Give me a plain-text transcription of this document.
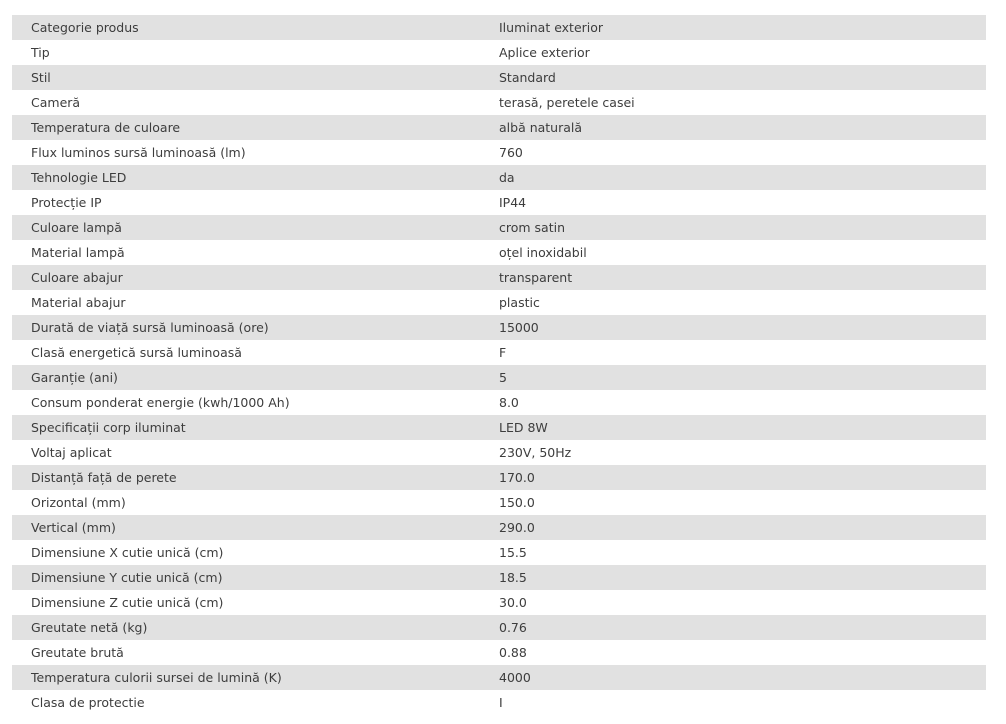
Categorie produs	Iluminat exterior
Tip	Aplice exterior
Stil	Standard
Cameră	terasă, peretele casei
Temperatura de culoare	albă naturală
Flux luminos sursă luminoasă (lm)	760
Tehnologie LED	da
Protecție IP	IP44
Culoare lampă	crom satin
Material lampă	oțel inoxidabil
Culoare abajur	transparent
Material abajur	plastic
Durată de viață sursă luminoasă (ore)	15000
Clasă energetică sursă luminoasă	F
Garanție (ani)	5
Consum ponderat energie (kwh/1000 Ah)	8.0
Specificații corp iluminat	LED 8W
Voltaj aplicat	230V, 50Hz
Distanță față de perete	170.0
Orizontal (mm)	150.0
Vertical (mm)	290.0
Dimensiune X cutie unică (cm)	15.5
Dimensiune Y cutie unică (cm)	18.5
Dimensiune Z cutie unică (cm)	30.0
Greutate netă (kg)	0.76
Greutate brută	0.88
Temperatura culorii sursei de lumină (K)	4000
Clasa de protectie	I
